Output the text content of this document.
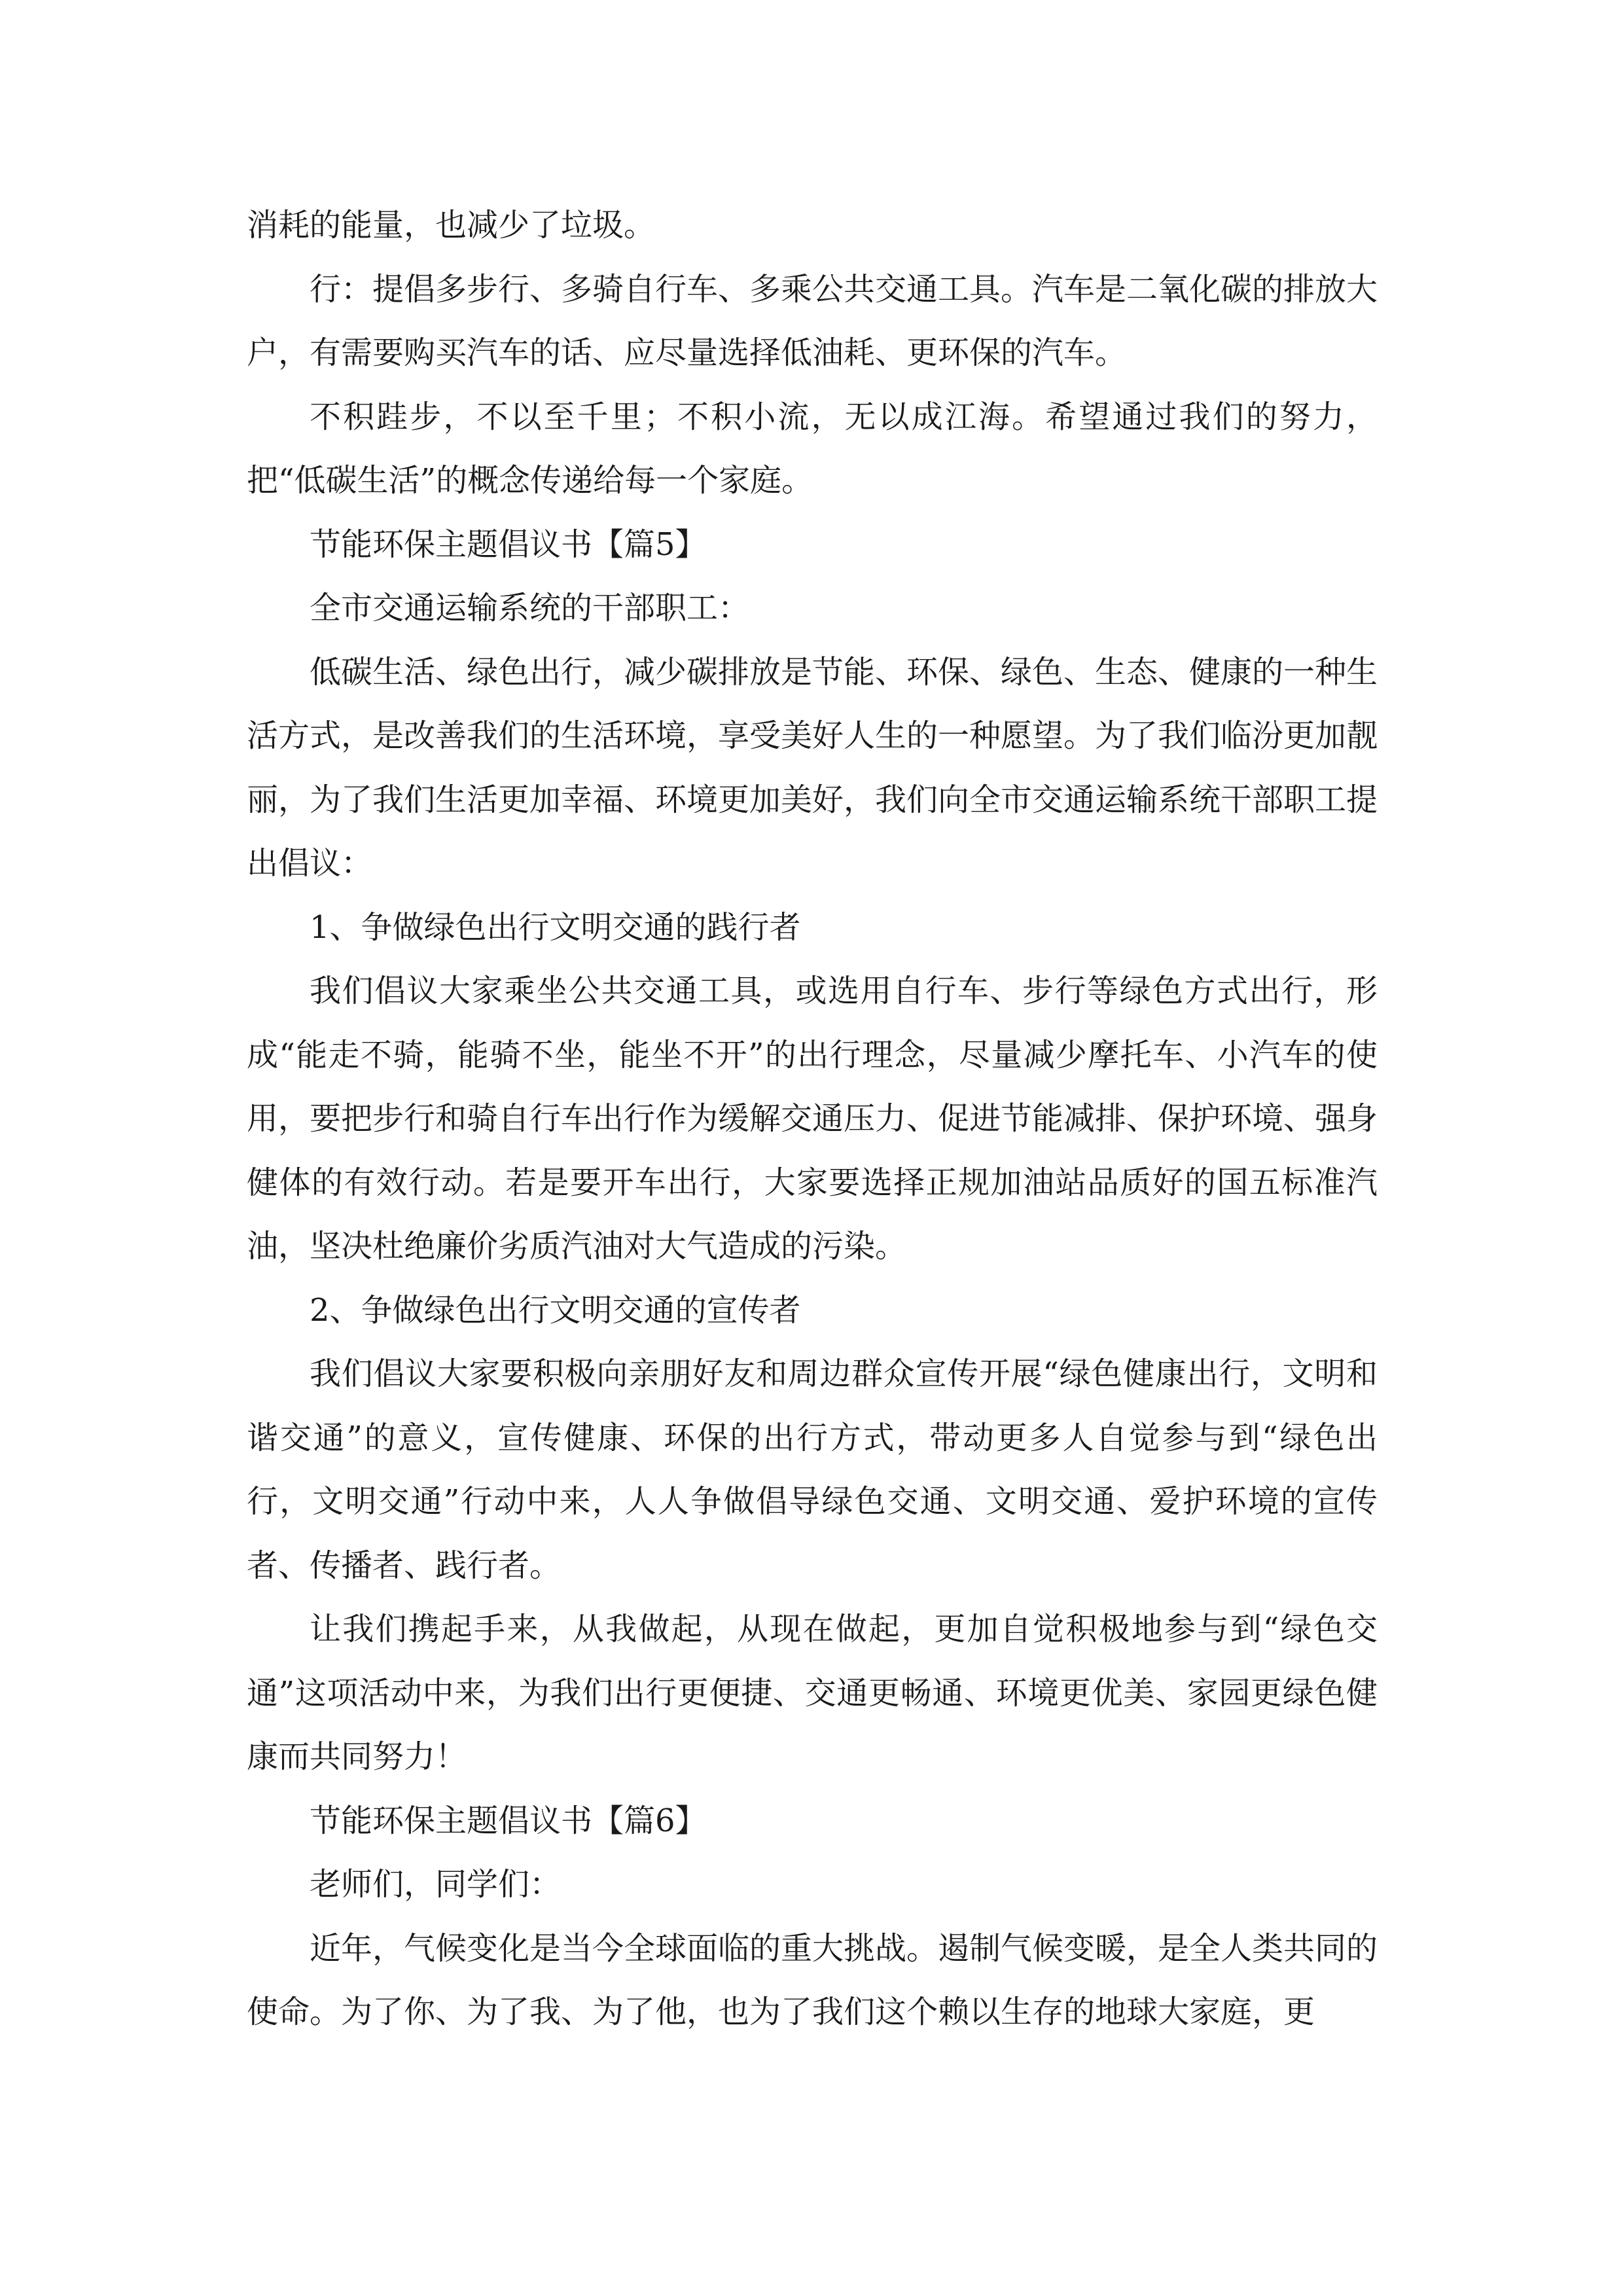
消耗的能量，也减少了垃圾。

行：提倡多步行、多骑自行车、多乘公共交通工具。汽车是二氧化碳的排放大户，有需要购买汽车的话、应尽量选择低油耗、更环保的汽车。

不积跬步，不以至千里；不积小流，无以成江海。希望通过我们的努力，把“低碳生活”的概念传递给每一个家庭。

节能环保主题倡议书【篇5】

全市交通运输系统的干部职工：

低碳生活、绿色出行，减少碳排放是节能、环保、绿色、生态、健康的一种生活方式，是改善我们的生活环境，享受美好人生的一种愿望。为了我们临汾更加靓丽，为了我们生活更加幸福、环境更加美好，我们向全市交通运输系统干部职工提出倡议：

1、争做绿色出行文明交通的践行者

我们倡议大家乘坐公共交通工具，或选用自行车、步行等绿色方式出行，形成“能走不骑，能骑不坐，能坐不开”的出行理念，尽量减少摩托车、小汽车的使用，要把步行和骑自行车出行作为缓解交通压力、促进节能减排、保护环境、强身健体的有效行动。若是要开车出行，大家要选择正规加油站品质好的国五标准汽油，坚决杜绝廉价劣质汽油对大气造成的污染。

2、争做绿色出行文明交通的宣传者

我们倡议大家要积极向亲朋好友和周边群众宣传开展“绿色健康出行，文明和谐交通”的意义，宣传健康、环保的出行方式，带动更多人自觉参与到“绿色出行，文明交通”行动中来，人人争做倡导绿色交通、文明交通、爱护环境的宣传者、传播者、践行者。

让我们携起手来，从我做起，从现在做起，更加自觉积极地参与到“绿色交通”这项活动中来，为我们出行更便捷、交通更畅通、环境更优美、家园更绿色健康而共同努力！

节能环保主题倡议书【篇6】

老师们，同学们：

近年，气候变化是当今全球面临的重大挑战。遏制气候变暖，是全人类共同的使命。为了你、为了我、为了他，也为了我们这个赖以生存的地球大家庭，更
